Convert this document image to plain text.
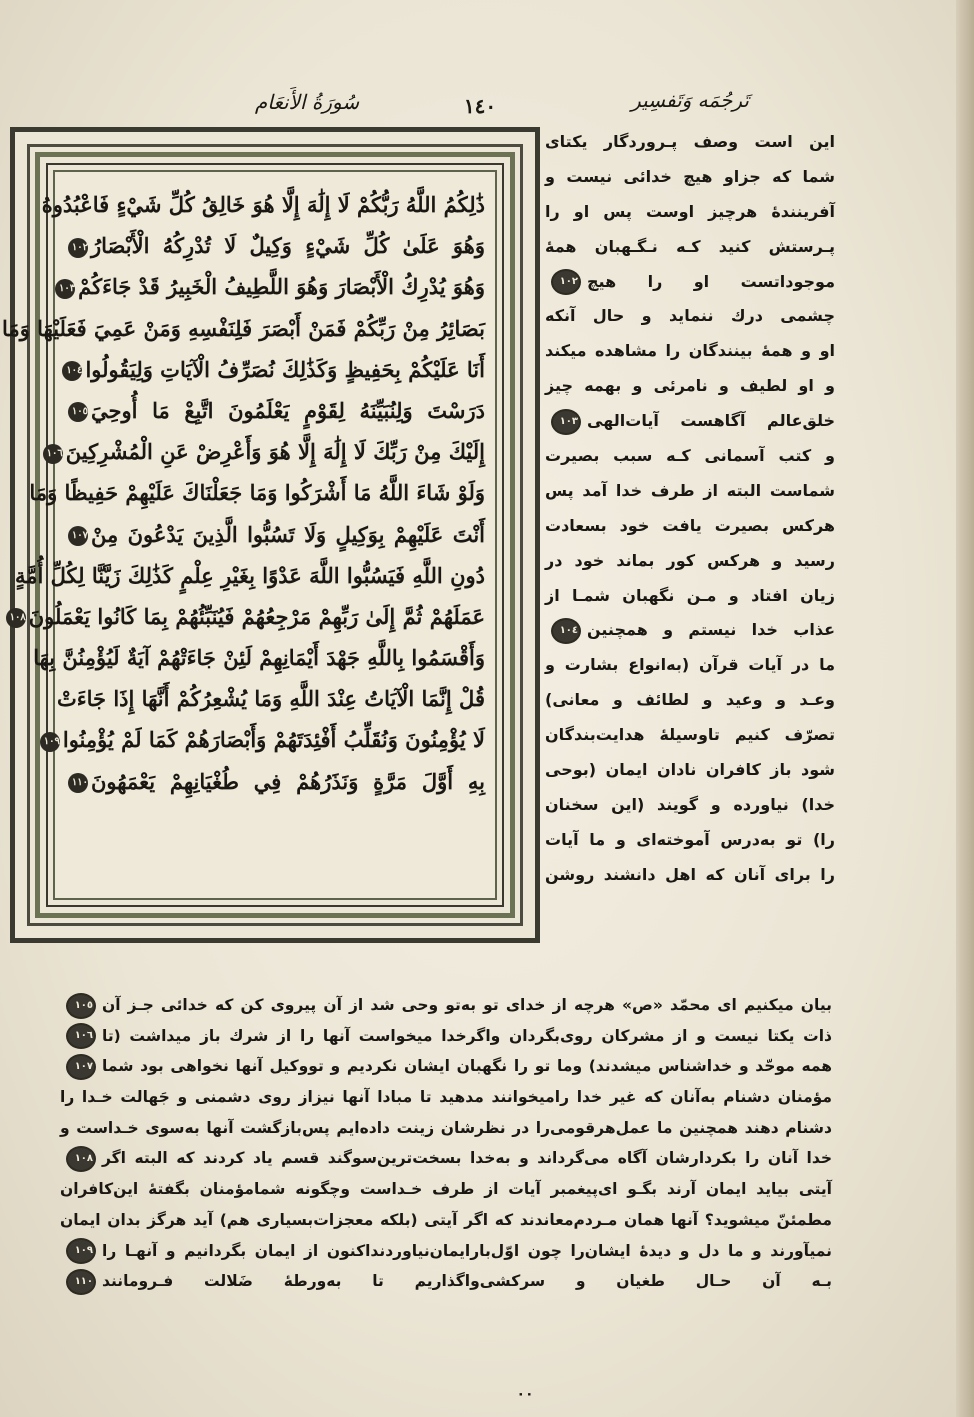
سُورَةُ الأَنعَام	١٤٠	تَرجُمَه وَتَفسِير
ذَٰلِكُمُ اللَّهُ رَبُّكُمْ لَا إِلَٰهَ إِلَّا هُوَ خَالِقُ كُلِّ شَيْءٍ فَاعْبُدُوهُ
وَهُوَ عَلَىٰ كُلِّ شَيْءٍ وَكِيلٌ لَا تُدْرِكُهُ الْأَبْصَارُ١٠٢
وَهُوَ يُدْرِكُ الْأَبْصَارَ وَهُوَ اللَّطِيفُ الْخَبِيرُ قَدْ جَاءَكُمْ١٠٣
بَصَائِرُ مِنْ رَبِّكُمْ فَمَنْ أَبْصَرَ فَلِنَفْسِهِ وَمَنْ عَمِيَ فَعَلَيْهَا وَمَا
أَنَا عَلَيْكُمْ بِحَفِيظٍ وَكَذَٰلِكَ نُصَرِّفُ الْآيَاتِ وَلِيَقُولُوا١٠٤
دَرَسْتَ وَلِنُبَيِّنَهُ لِقَوْمٍ يَعْلَمُونَ اتَّبِعْ مَا أُوحِيَ١٠٥
إِلَيْكَ مِنْ رَبِّكَ لَا إِلَٰهَ إِلَّا هُوَ وَأَعْرِضْ عَنِ الْمُشْرِكِينَ١٠٦
وَلَوْ شَاءَ اللَّهُ مَا أَشْرَكُوا وَمَا جَعَلْنَاكَ عَلَيْهِمْ حَفِيظًا وَمَا
أَنْتَ عَلَيْهِمْ بِوَكِيلٍ وَلَا تَسُبُّوا الَّذِينَ يَدْعُونَ مِنْ١٠٧
دُونِ اللَّهِ فَيَسُبُّوا اللَّهَ عَدْوًا بِغَيْرِ عِلْمٍ كَذَٰلِكَ زَيَّنَّا لِكُلِّ أُمَّةٍ
عَمَلَهُمْ ثُمَّ إِلَىٰ رَبِّهِمْ مَرْجِعُهُمْ فَيُنَبِّئُهُمْ بِمَا كَانُوا يَعْمَلُونَ١٠٨
وَأَقْسَمُوا بِاللَّهِ جَهْدَ أَيْمَانِهِمْ لَئِنْ جَاءَتْهُمْ آيَةٌ لَيُؤْمِنُنَّ بِهَا
قُلْ إِنَّمَا الْآيَاتُ عِنْدَ اللَّهِ وَمَا يُشْعِرُكُمْ أَنَّهَا إِذَا جَاءَتْ
لَا يُؤْمِنُونَ وَنُقَلِّبُ أَفْئِدَتَهُمْ وَأَبْصَارَهُمْ كَمَا لَمْ يُؤْمِنُوا١٠٩
بِهِ أَوَّلَ مَرَّةٍ وَنَذَرُهُمْ فِي طُغْيَانِهِمْ يَعْمَهُونَ١١٠
این است وصف پـروردگار یکتای
شما که جزاو هیچ خدائی نیست و
آفریننده‌ٔ هرچیز اوست پس او را
پـرستش کنید کـه نـگـهبان همهٔ
موجوداتست او را هیچ١٠٢
چشمی درك ننماید و حال آنکه
او و همهٔ بینندگان را مشاهده میکند
و او لطیف و نامرئی و بهمه چیز
خلق‌عالم آگاهست آیات‌الهی١٠٣
و کتب آسمانی کـه سبب بصیرت
شماست البته از طرف خدا آمد پس
هرکس بصیرت یافت خود بسعادت
رسید و هرکس کور بماند خود در
زیان افتاد و مـن نگهبان شمـا از
عذاب خدا نیستم و همچنین١٠٤
ما در آیات قرآن (به‌انواع بشارت و
وعـد و وعید و لطائف و معانی)
تصرّف کنیم تاوسیلهٔ هدایت‌بندگان
شود باز کافران نادان ایمان (بوحی
خدا) نیاورده و گویند (این سخنان
را) تو به‌درس آموخته‌ای و ما آیات
را برای آنان که اهل دانشند روشن
بیان میکنیم ای محمّد «ص» هرچه از خدای تو به‌تو وحی شد از آن پیروی کن که خدائی جـز آن١٠٥
ذات یکتا نیست و از مشرکان روی‌بگردان واگرخدا میخواست آنها را از شرك باز میداشت (تا١٠٦
همه موحّد و خداشناس میشدند) وما تو را نگهبان ایشان نکردیم و تووکیل آنها نخواهی بود شما١٠٧
مؤمنان دشنام به‌آنان که غیر خدا رامیخوانند مدهید تا مبادا آنها نیزاز روی دشمنی و جَهالت خـدا را
دشنام دهند همچنین ما عمل‌هرقومی‌را در نظرشان زینت داده‌ایم پس‌بازگشت آنها به‌سوی خـداست و
خدا آنان را بکردارشان آگاه می‌گرداند و به‌خدا بسخت‌ترین‌سوگند قسم یاد کردند که البته اگر١٠٨
آیتی بیاید ایمان آرند بگـو ای‌پیغمبر آیات از طرف خـداست وچگونه شمامؤمنان بگفتهٔ این‌کافران
مطمئنّ میشوید؟ آنها همان مـردم‌معاندند که اگر آیتی (بلکه معجزات‌بسیاری هم) آید هرگز بدان ایمان
نمیآورند و ما دل و دیدهٔ ایشان‌را چون اوّل‌بارایمان‌نیاوردنداکنون از ایمان بگردانیم و آنهـا را١٠٩
بـه آن حـال طغیان و سرکشی‌واگذاریم تا به‌ورطهٔ ضَلالت فـرومانند١١٠
٠٠
